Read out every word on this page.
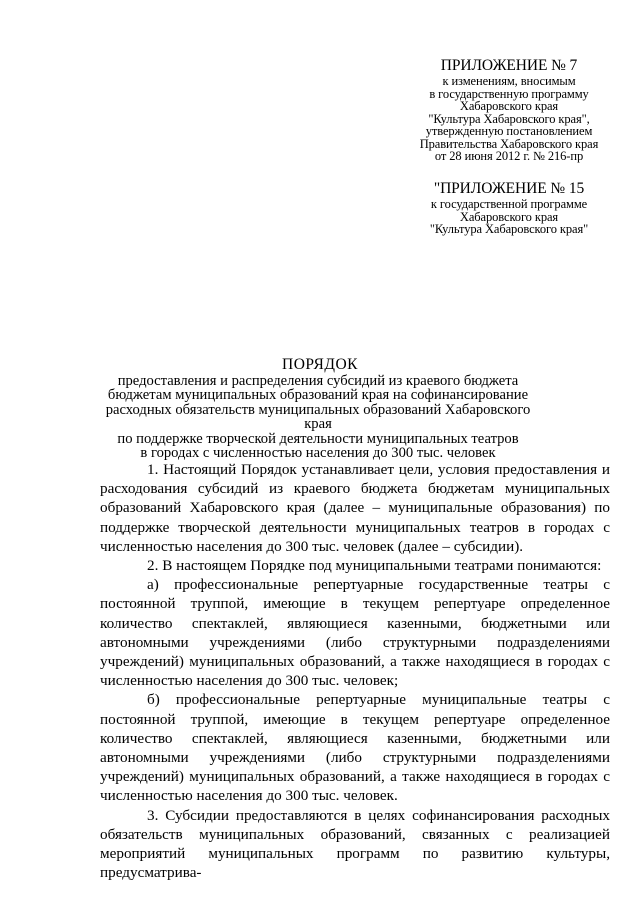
ПРИЛОЖЕНИЕ № 7
к изменениям, вносимым
в государственную программу
Хабаровского края
"Культура Хабаровского края",
утвержденную постановлением
Правительства Хабаровского края
от 28 июня 2012 г. № 216-пр
"ПРИЛОЖЕНИЕ № 15
к государственной программе
Хабаровского края
"Культура Хабаровского края"
ПОРЯДОК
предоставления и распределения субсидий из краевого бюджета
бюджетам муниципальных образований края на софинансирование
расходных обязательств муниципальных образований Хабаровского края
по поддержке творческой деятельности муниципальных театров
в городах с численностью населения до 300 тыс. человек

1. Настоящий Порядок устанавливает цели, условия предоставления и расходования субсидий из краевого бюджета бюджетам муниципальных образований Хабаровского края (далее – муниципальные образования) по поддержке творческой деятельности муниципальных театров в городах с численностью населения до 300 тыс. человек (далее – субсидии).

2. В настоящем Порядке под муниципальными театрами понимаются:

а) профессиональные репертуарные государственные театры с постоянной труппой, имеющие в текущем репертуаре определенное количество спектаклей, являющиеся казенными, бюджетными или автономными учреждениями (либо структурными подразделениями учреждений) муниципальных образований, а также находящиеся в городах с численностью населения до 300 тыс. человек;

б) профессиональные репертуарные муниципальные театры с постоянной труппой, имеющие в текущем репертуаре определенное количество спектаклей, являющиеся казенными, бюджетными или автономными учреждениями (либо структурными подразделениями учреждений) муниципальных образований, а также находящиеся в городах с численностью населения до 300 тыс. человек.

3. Субсидии предоставляются в целях софинансирования расходных обязательств муниципальных образований, связанных с реализацией мероприятий муниципальных программ по развитию культуры, предусматрива-
